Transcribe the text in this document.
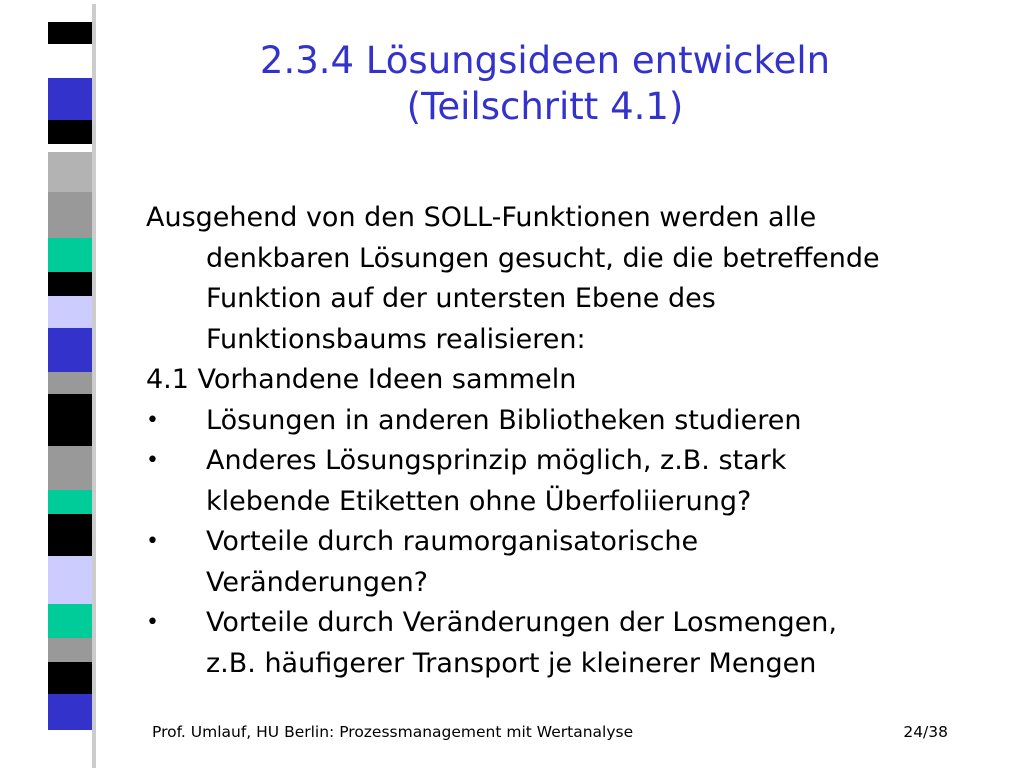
2.3.4 Lösungsideen entwickeln
(Teilschritt 4.1)
Ausgehend von den SOLL-Funktionen werden alle
denkbaren Lösungen gesucht, die die betreffende
Funktion auf der untersten Ebene des
Funktionsbaums realisieren:
4.1 Vorhandene Ideen sammeln
•	Lösungen in anderen Bibliotheken studieren
•	Anderes Lösungsprinzip möglich, z.B. stark
klebende Etiketten ohne Überfoliierung?
•	Vorteile durch raumorganisatorische
Veränderungen?
•	Vorteile durch Veränderungen der Losmengen,
z.B. häufigerer Transport je kleinerer Mengen
Prof. Umlauf, HU Berlin: Prozessmanagement mit Wertanalyse	24/38
